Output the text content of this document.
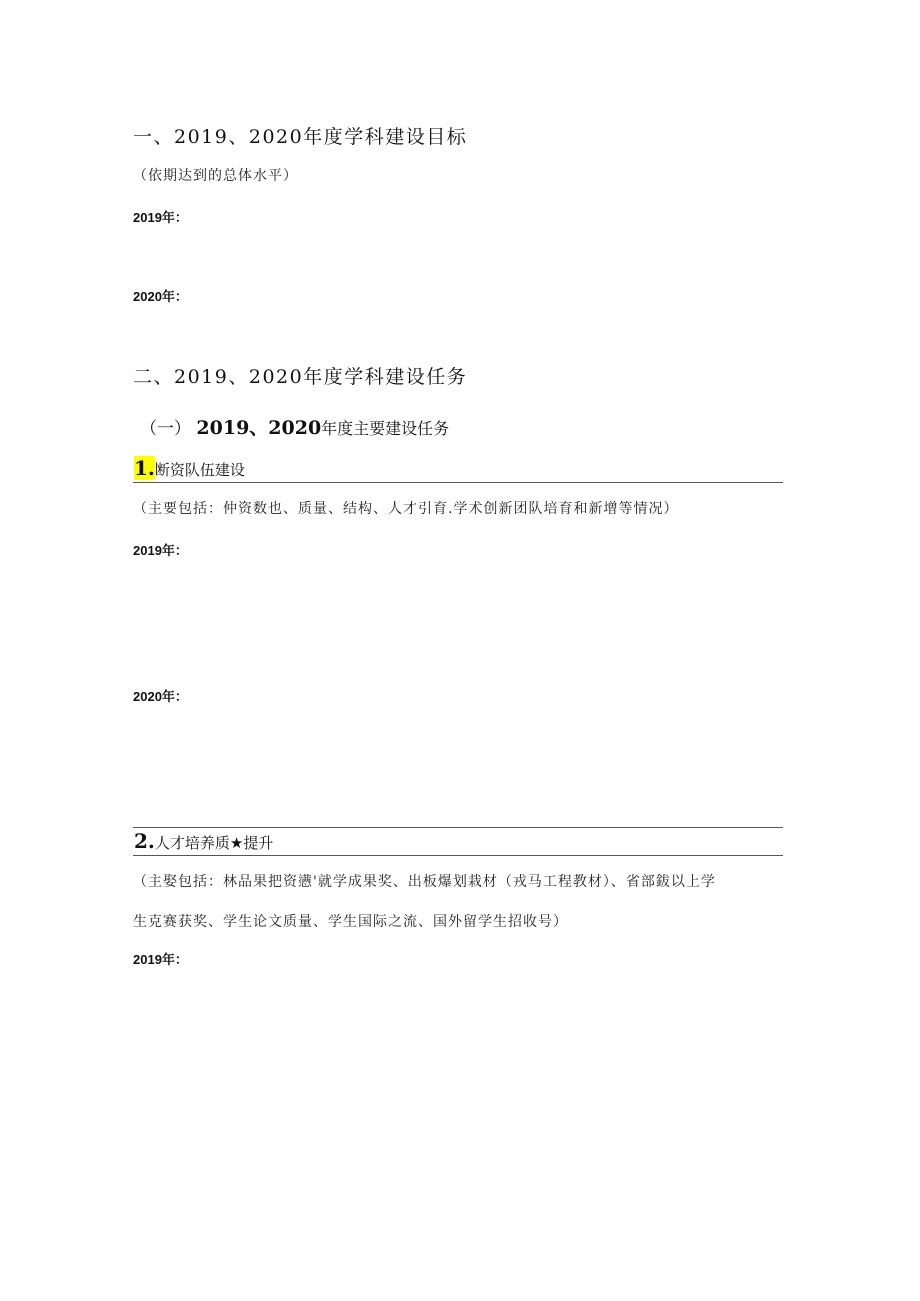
一、2019、2020年度学科建设目标
（依期达到的总体水平）
2019年：
2020年：
二、2019、2020年度学科建设任务
（一） 2019、2020年度主要建设任务
1.断资队伍建设
（主要包括：仲资数也、质量、结构、人才引育.学术创新团队培育和新增等情况）
2019年：
2020年：
2.人才培养质★提升
（主娶包括：林品果把资懑'就学成果奖、出板爆划栽材（戎马工程教材）、省部鈸以上学
生克赛获奖、学生论文质量、学生国际之流、国外留学生招收号）
2019年：
